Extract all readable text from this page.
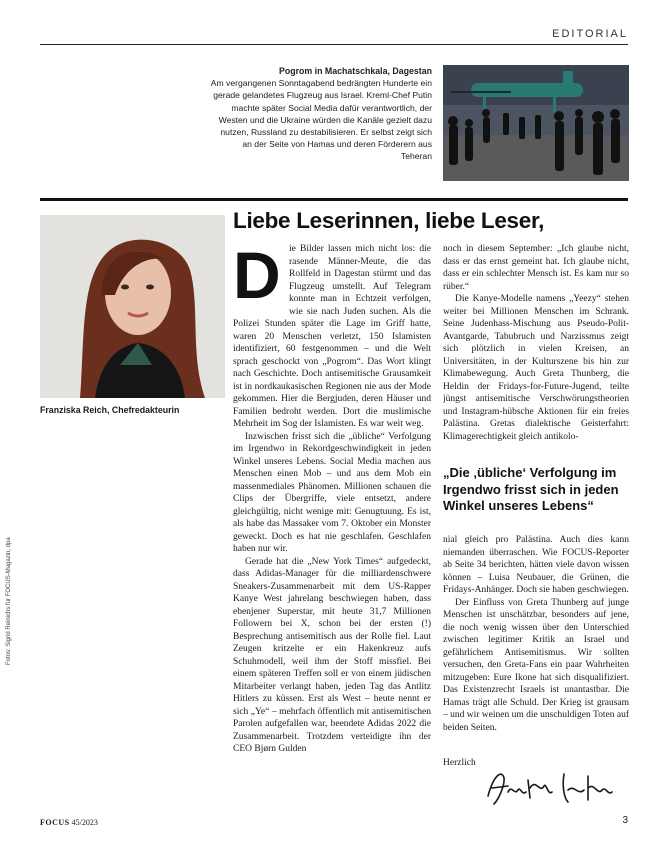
EDITORIAL
Pogrom in Machatschkala, Dagestan
Am vergangenen Sonntagabend bedrängten Hunderte ein gerade gelandetes Flugzeug aus Israel. Kreml-Chef Putin machte später Social Media dafür verantwortlich, der Westen und die Ukraine würden die Kanäle gezielt dazu nutzen, Russland zu destabilisieren. Er selbst zeigt sich an der Seite von Hamas und deren Förderern aus Teheran
Franziska Reich, Chefredakteurin
Liebe Leserinnen, liebe Leser,
D ie Bilder lassen mich nicht los: die rasende Männer-Meute, die das Rollfeld in Dagestan stürmt und das Flugzeug umstellt. Auf Telegram konnte man in Echtzeit verfolgen, wie sie nach Juden suchen. Als die Polizei Stunden später die Lage im Griff hatte, waren 20 Menschen verletzt, 150 Islamisten identifiziert, 60 festgenommen – und die Welt sprach geschockt von „Pogrom“. Das Wort klingt nach Geschichte. Doch antisemitische Grausamkeit ist in nordkaukasischen Regionen nie aus der Mode gekommen. Hier die Bergjuden, deren Häuser und Familien bedroht werden. Dort die muslimische Mehrheit im Sog der Islamisten. Es war weit weg.

Inzwischen frisst sich die „übliche“ Verfolgung im Irgendwo in Rekordgeschwindigkeit in jeden Winkel unseres Lebens. Social Media machen aus Menschen einen Mob – und aus dem Mob ein massenmediales Phänomen. Millionen schauen die Clips der Übergriffe, viele entsetzt, andere gleichgültig, nicht wenige mit: Genugtuung. Es ist, als habe das Massaker vom 7. Oktober ein Monster geweckt. Doch es hat nie geschlafen. Geschlafen haben nur wir.

Gerade hat die „New York Times“ aufgedeckt, dass Adidas-Manager für die milliardenschwere Sneakers-Zusammenarbeit mit dem US-Rapper Kanye West jahrelang beschwiegen haben, dass ebenjener Superstar, mit heute 31,7 Millionen Followern bei X, schon bei der ersten (!) Besprechung antisemitisch aus der Rolle fiel. Laut Zeugen kritzelte er ein Hakenkreuz aufs Schuhmodell, weil ihm der Stoff missfiel. Bei einem späteren Treffen soll er von einem jüdischen Mitarbeiter verlangt haben, jeden Tag das Antlitz Hitlers zu küssen. Erst als West – heute nennt er sich „Ye“ – mehrfach öffentlich mit antisemitischen Parolen aufgefallen war, beendete Adidas 2022 die Zusammenarbeit. Trotzdem verteidigte ihn der CEO Bjørn Gulden

noch in diesem September: „Ich glaube nicht, dass er das ernst gemeint hat. Ich glaube nicht, dass er ein schlechter Mensch ist. Es kam nur so rüber.“

Die Kanye-Modelle namens „Yeezy“ stehen weiter bei Millionen Menschen im Schrank. Seine Judenhass-Mischung aus Pseudo-Polit-Avantgarde, Tabubruch und Narzissmus zeigt sich plötzlich in vielen Kreisen, an Universitäten, in der Kulturszene bis hin zur Klimabewegung. Auch Greta Thunberg, die Heldin der Fridays-for-Future-Jugend, teilte jüngst antisemitische Verschwörungstheorien und Instagram-hübsche Aktionen für ein freies Palästina. Gretas dialektische Geisterfahrt: Klimagerechtigkeit gleich antikolo-

„Die ‚übliche‘ Verfolgung im Irgendwo frisst sich in jeden Winkel unseres Lebens“

nial gleich pro Palästina. Auch dies kann niemanden überraschen. Wie FOCUS-Reporter ab Seite 34 berichten, hätten viele davon wissen können – Luisa Neubauer, die Grünen, die Fridays-Anhänger. Doch sie haben geschwiegen.

Der Einfluss von Greta Thunberg auf junge Menschen ist unschätzbar, besonders auf jene, die noch wenig wissen über den Unterschied zwischen legitimer Kritik an Israel und gefährlichem Antisemitismus. Wir sollten versuchen, den Greta-Fans ein paar Wahrheiten mitzugeben: Eure Ikone hat sich disqualifiziert. Das Existenzrecht Israels ist unantastbar. Die Hamas trägt alle Schuld. Der Krieg ist grausam – und wir weinen um die unschuldigen Toten auf beiden Seiten.

Herzlich
Fotos: Sigrid Reinichs für FOCUS-Magazin, dpa
FOCUS 45/2023	3
